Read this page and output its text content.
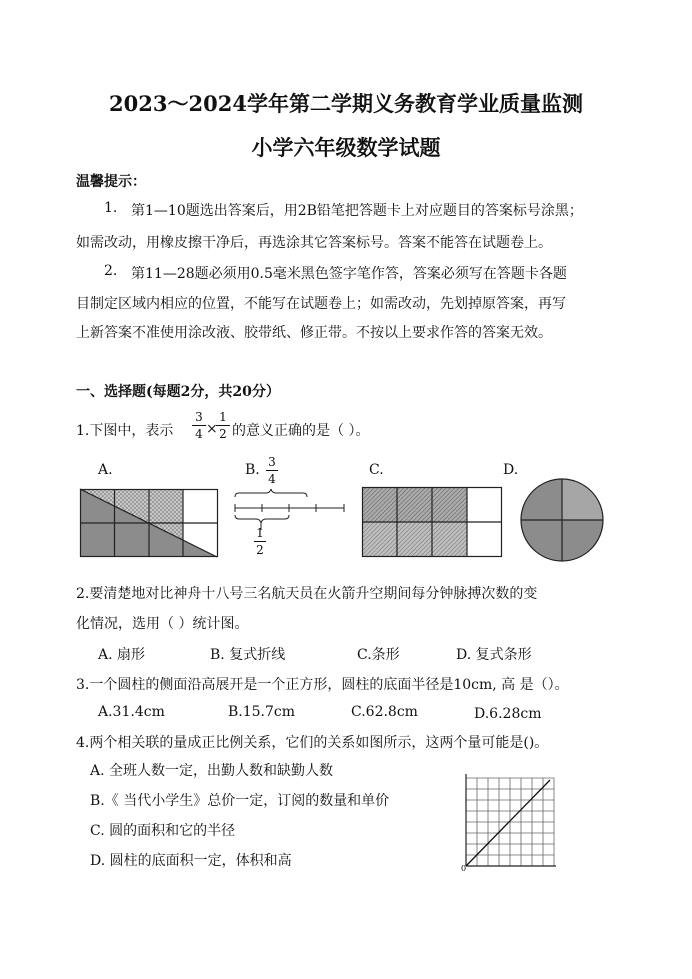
2023～2024学年第二学期义务教育学业质量监测
小学六年级数学试题
温馨提示：
1. 第1—10题选出答案后，用2B铅笔把答题卡上对应题目的答案标号涂黑；
如需改动，用橡皮擦干净后，再选涂其它答案标号。答案不能答在试题卷上。
2. 第11—28题必须用0.5毫米黑色签字笔作答，答案必须写在答题卡各题
目制定区域内相应的位置，不能写在试题卷上；如需改动，先划掉原答案，再写
上新答案不准使用涂改液、胶带纸、修正带。不按以上要求作答的答案无效。
一、选择题(每题2分，共20分）
1.下图中，表示
3
4 ×
1
2 的意义正确的是（ ）。
A.	B.	C.	D.
3
4
1
2
2.要清楚地对比神舟十八号三名航天员在火箭升空期间每分钟脉搏次数的变
化情况，选用（ ）统计图。
A. 扇形	B. 复式折线	C.条形	D. 复式条形
3.一个圆柱的侧面沿高展开是一个正方形，圆柱的底面半径是10cm, 高 是（）。
A.31.4cm	B.15.7cm	C.62.8cm	D.6.28cm
4.两个相关联的量成正比例关系，它们的关系如图所示，这两个量可能是()。
A. 全班人数一定，出勤人数和缺勤人数
B.《 当代小学生》总价一定，订阅的数量和单价
C. 圆的面积和它的半径
D. 圆柱的底面积一定，体积和高	0
